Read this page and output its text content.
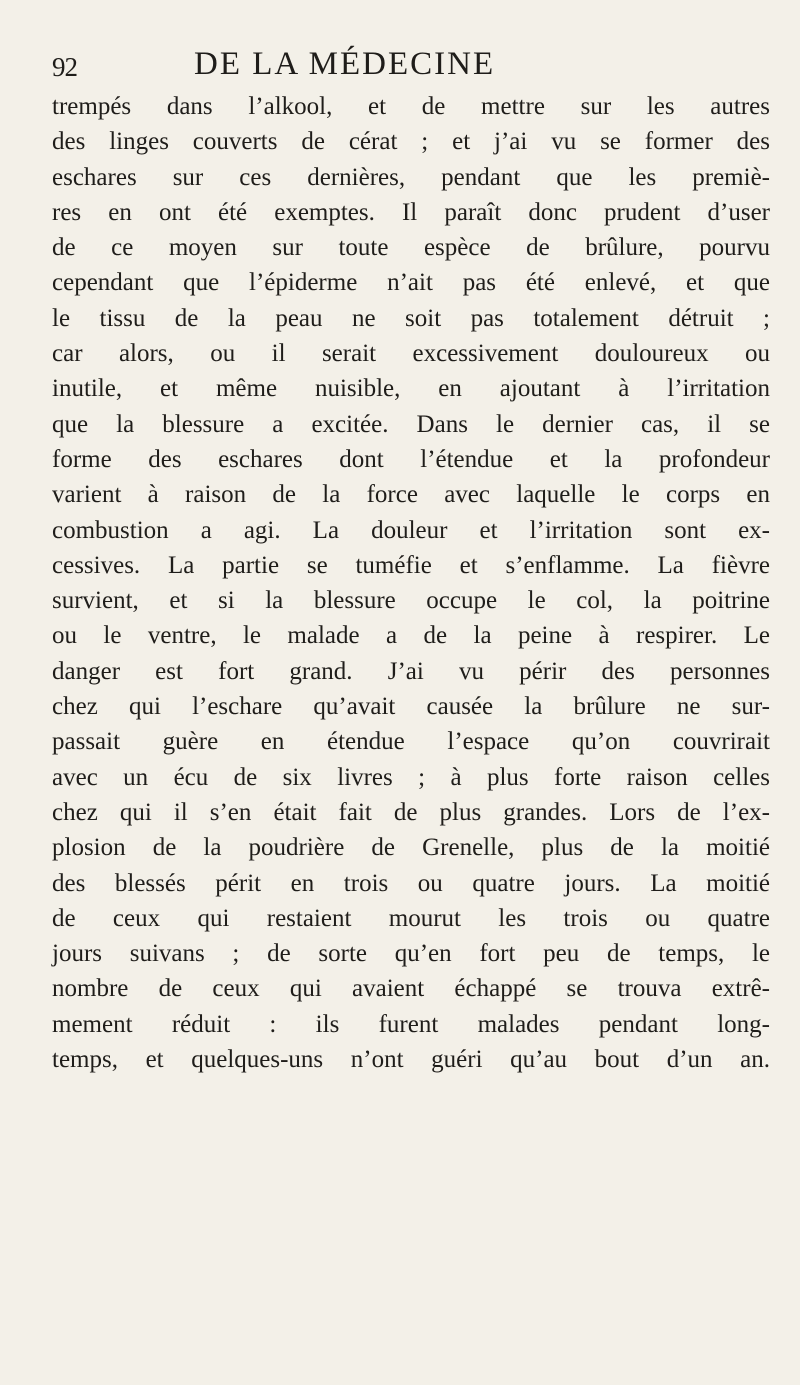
92	DE LA MÉDECINE
trempés dans l’alkool, et de mettre sur les autres
des linges couverts de cérat ; et j’ai vu se former des
eschares sur ces dernières, pendant que les premiè-
res en ont été exemptes. Il paraît donc prudent d’user
de ce moyen sur toute espèce de brûlure, pourvu
cependant que l’épiderme n’ait pas été enlevé, et que
le tissu de la peau ne soit pas totalement détruit ;
car alors, ou il serait excessivement douloureux ou
inutile, et même nuisible, en ajoutant à l’irritation
que la blessure a excitée. Dans le dernier cas, il se
forme des eschares dont l’étendue et la profondeur
varient à raison de la force avec laquelle le corps en
combustion a agi. La douleur et l’irritation sont ex-
cessives. La partie se tuméfie et s’enflamme. La fièvre
survient, et si la blessure occupe le col, la poitrine
ou le ventre, le malade a de la peine à respirer. Le
danger est fort grand. J’ai vu périr des personnes
chez qui l’eschare qu’avait causée la brûlure ne sur-
passait guère en étendue l’espace qu’on couvrirait
avec un écu de six livres ; à plus forte raison celles
chez qui il s’en était fait de plus grandes. Lors de l’ex-
plosion de la poudrière de Grenelle, plus de la moitié
des blessés périt en trois ou quatre jours. La moitié
de ceux qui restaient mourut les trois ou quatre
jours suivans ; de sorte qu’en fort peu de temps, le
nombre de ceux qui avaient échappé se trouva extrê-
mement réduit : ils furent malades pendant long-
temps, et quelques-uns n’ont guéri qu’au bout d’un an.
